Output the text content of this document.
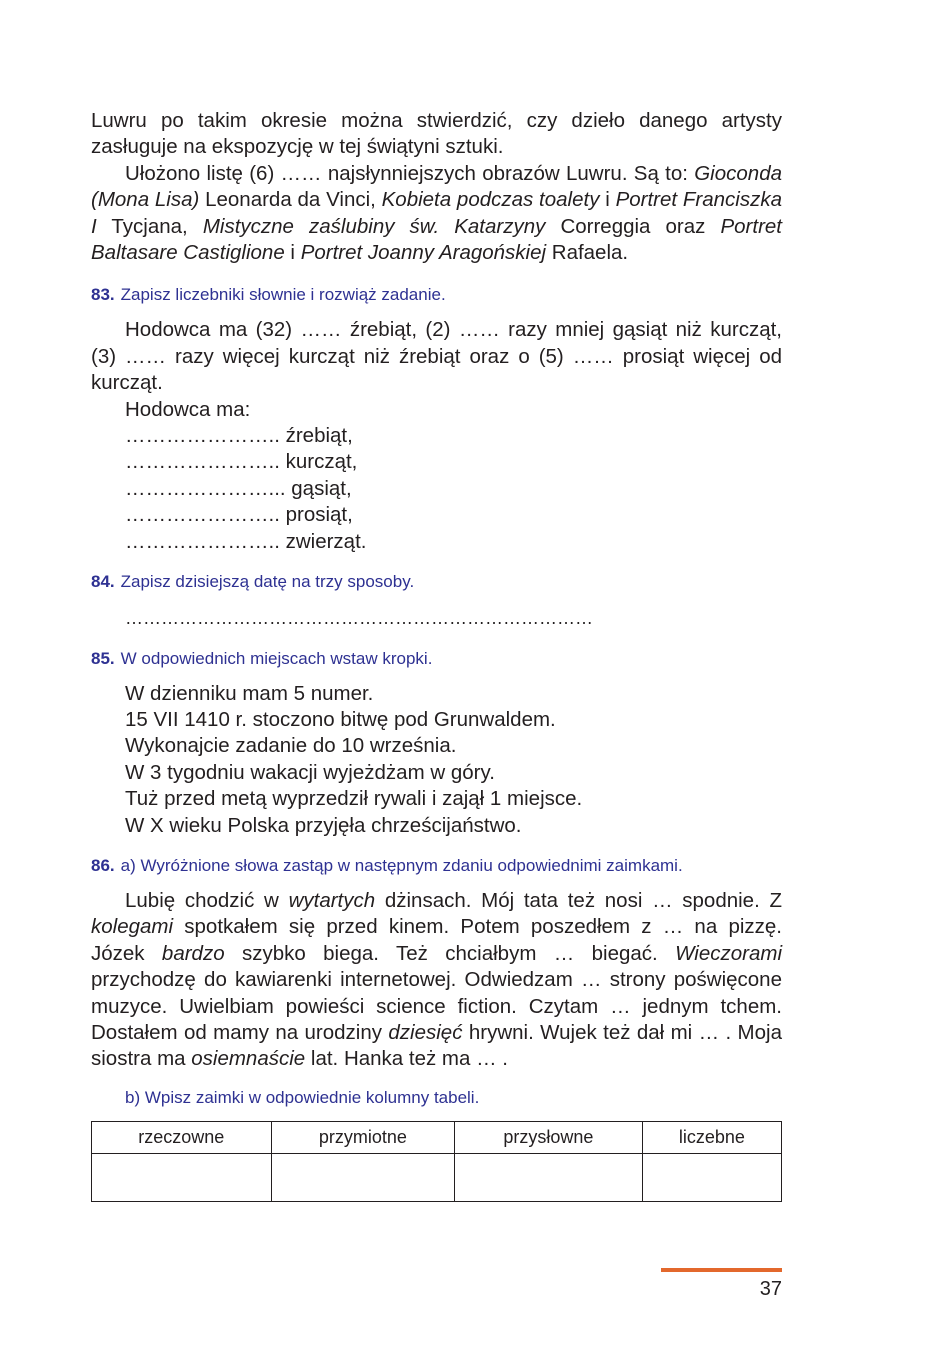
Luwru po takim okresie można stwierdzić, czy dzieło danego artysty zasługuje na ekspozycję w tej świątyni sztuki.

Ułożono listę (6) …… najsłynniejszych obrazów Luwru. Są to: Gioconda (Mona Lisa) Leonarda da Vinci, Kobieta podczas toalety i Portret Franciszka I Tycjana, Mistyczne zaślubiny św. Katarzyny Correggia oraz Portret Baltasare Castiglione i Portret Joanny Aragońskiej Rafaela.

83. Zapisz liczebniki słownie i rozwiąż zadanie.

Hodowca ma (32) …… źrebiąt, (2) …… razy mniej gąsiąt niż kurcząt, (3) …… razy więcej kurcząt niż źrebiąt oraz o (5) …… prosiąt więcej od kurcząt.

Hodowca ma:

………………….. źrebiąt,

………………….. kurcząt,

…………………... gąsiąt,

………………….. prosiąt,

………………….. zwierząt.

84. Zapisz dzisiejszą datę na trzy sposoby.

……………………………………………………………………

85. W odpowiednich miejscach wstaw kropki.

W dzienniku mam 5 numer.

15 VII 1410 r. stoczono bitwę pod Grunwaldem.

Wykonajcie zadanie do 10 września.

W 3 tygodniu wakacji wyjeżdżam w góry.

Tuż przed metą wyprzedził rywali i zajął 1 miejsce.

W X wieku Polska przyjęła chrześcijaństwo.

86. a) Wyróżnione słowa zastąp w następnym zdaniu odpowiednimi zaimkami.

Lubię chodzić w wytartych dżinsach. Mój tata też nosi … spodnie. Z kolegami spotkałem się przed kinem. Potem poszedłem z … na pizzę. Józek bardzo szybko biega. Też chciałbym … biegać. Wieczorami przychodzę do kawiarenki internetowej. Odwiedzam … strony poświęcone muzyce. Uwielbiam powieści science fiction. Czytam … jednym tchem. Dostałem od mamy na urodziny dziesięć hrywni. Wujek też dał mi … . Moja siostra ma osiemnaście lat. Hanka też ma … .

b) Wpisz zaimki w odpowiednie kolumny tabeli.
rzeczowne	przymiotne	przysłowne	liczebne

37
